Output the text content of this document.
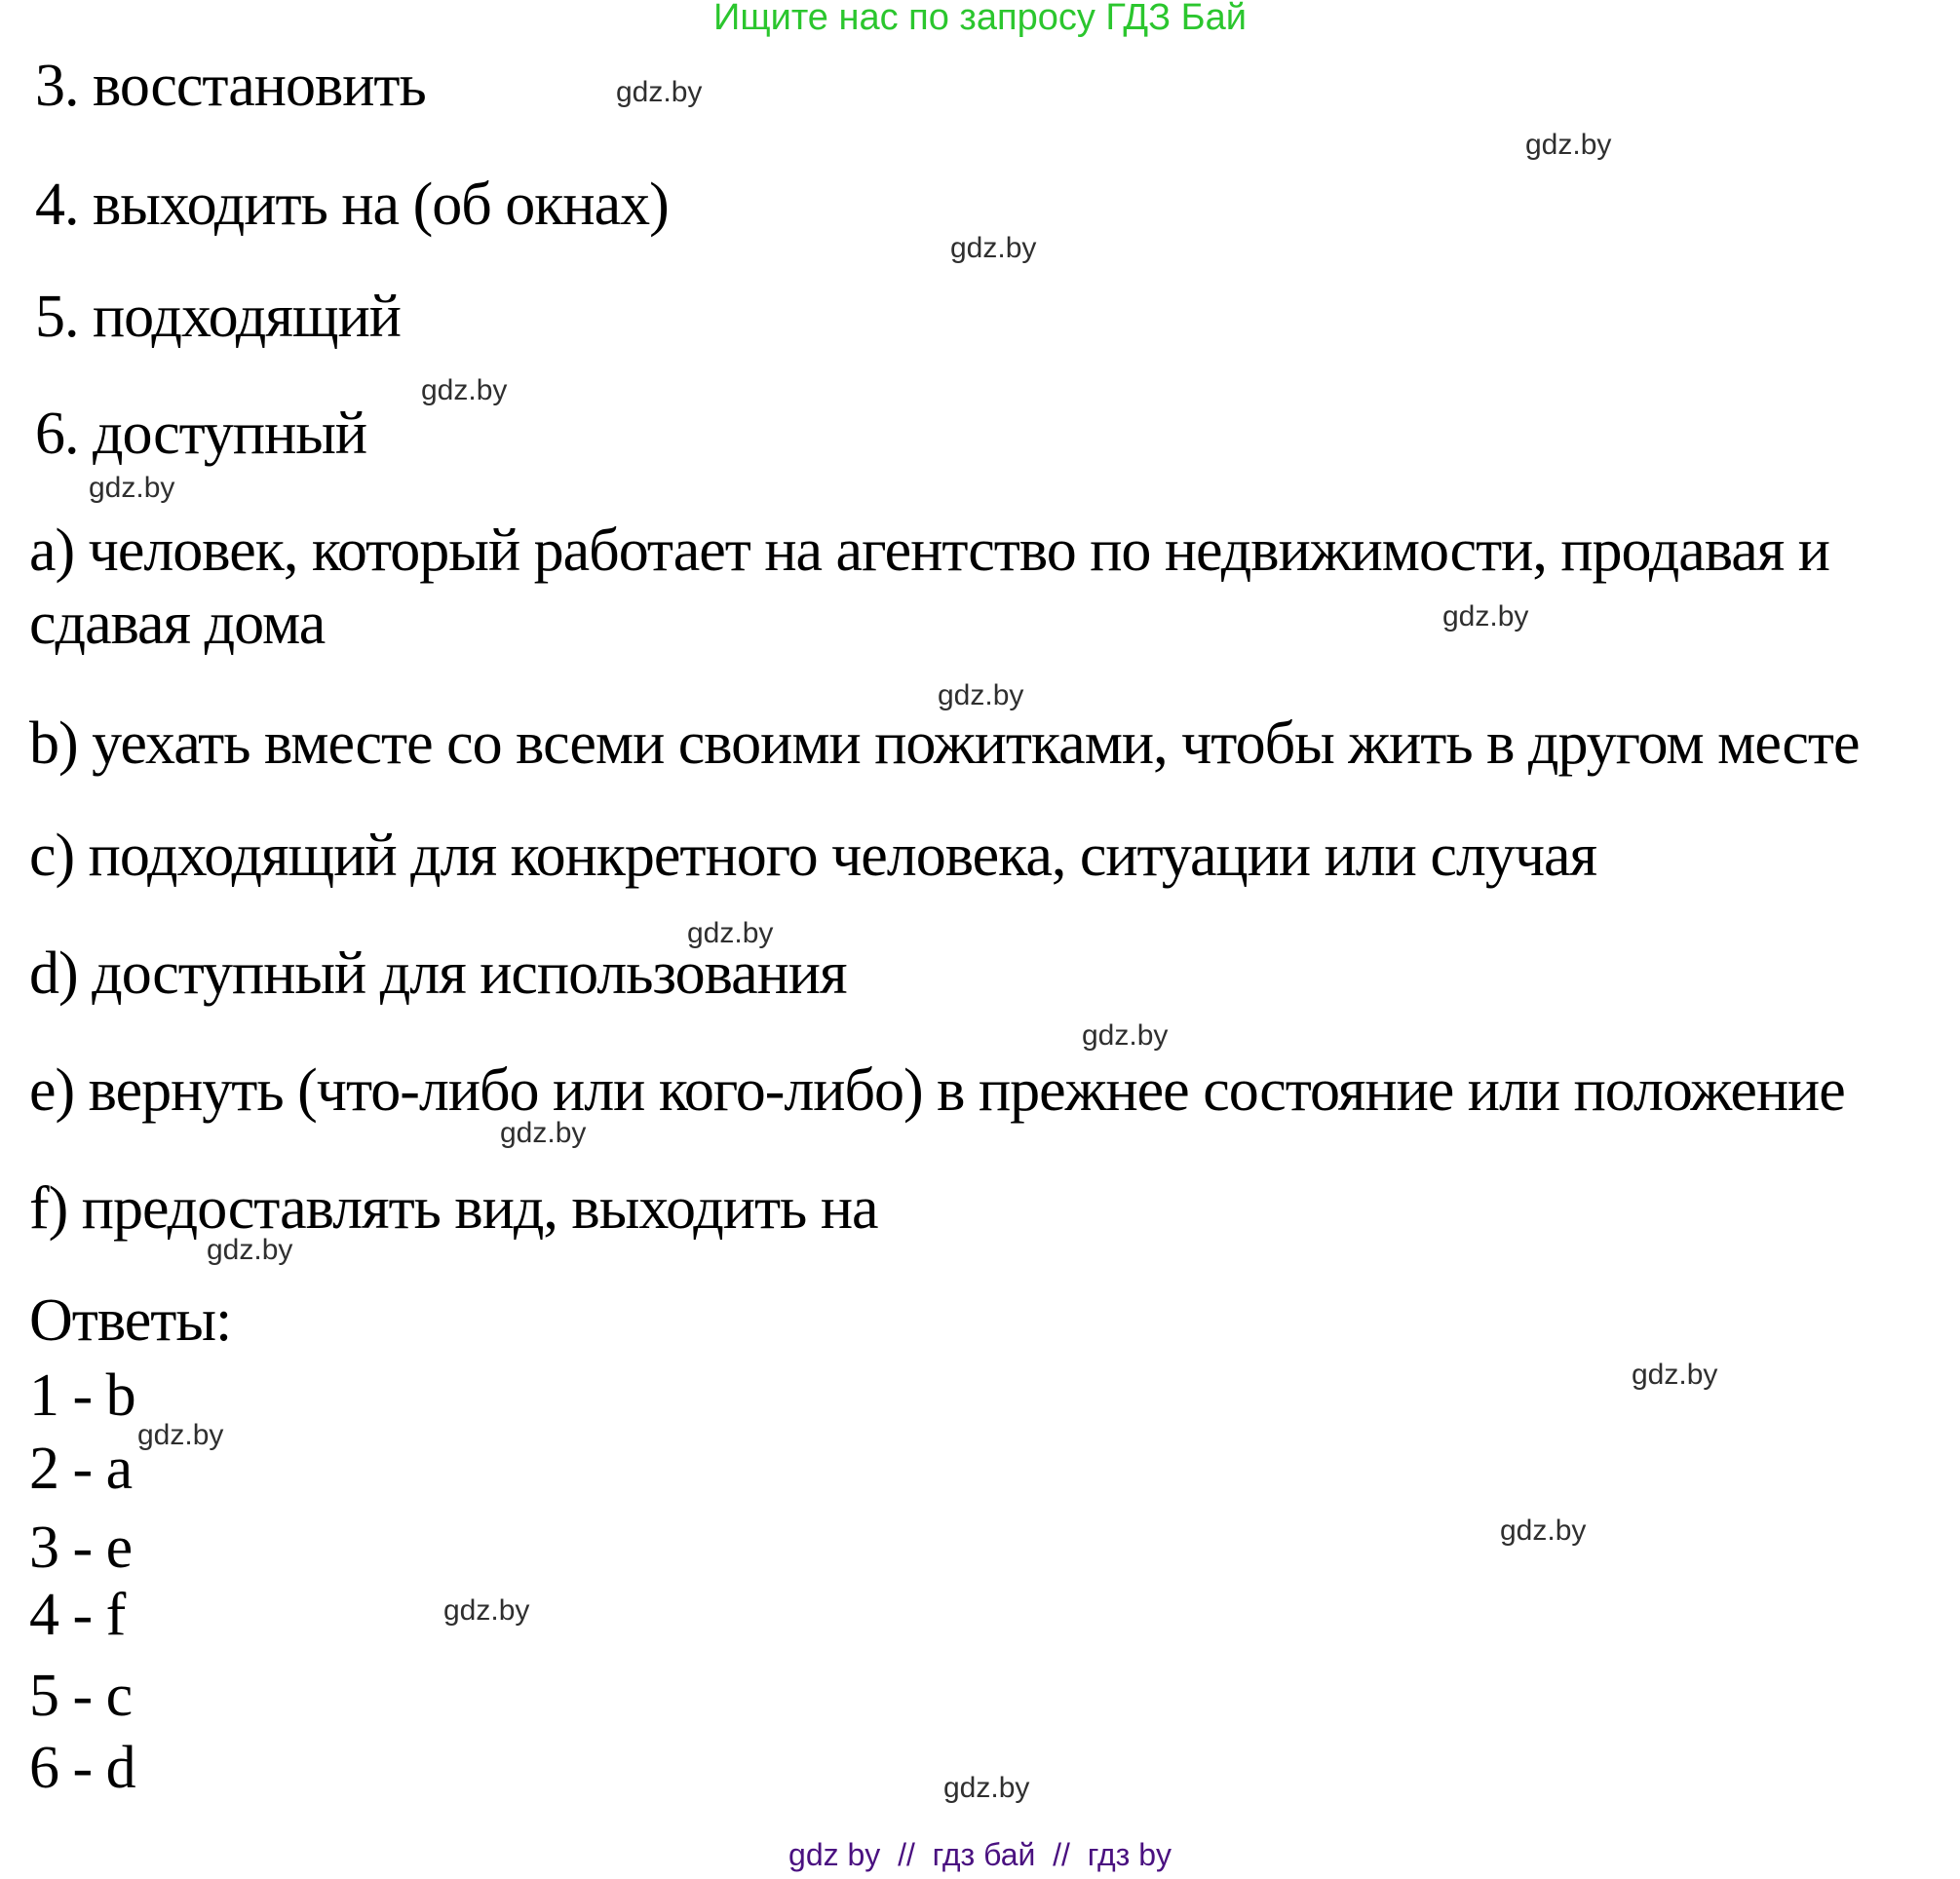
Ищите нас по запросу ГДЗ Бай
3. восстановить
4. выходить на (об окнах)
5. подходящий
6. доступный
a) человек, который работает на агентство по недвижимости, продавая и
сдавая дома
b) уехать вместе со всеми своими пожитками, чтобы жить в другом месте
c) подходящий для конкретного человека, ситуации или случая
d) доступный для использования
e) вернуть (что-либо или кого-либо) в прежнее состояние или положение
f) предоставлять вид, выходить на
Ответы:
1 - b
2 - a
3 - e
4 - f
5 - c
6 - d
gdz.by
gdz.by
gdz.by
gdz.by
gdz.by
gdz.by
gdz.by
gdz.by
gdz.by
gdz.by
gdz.by
gdz.by
gdz.by
gdz.by
gdz.by
gdz.by
gdz by  //  гдз бай  //  гдз by
